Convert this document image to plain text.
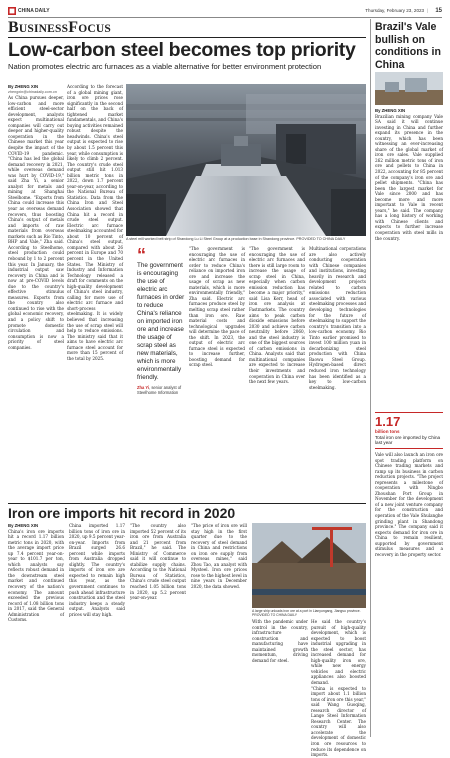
CHINA DAILY	Thursday, February 23, 2023 | 15
BUSINESSFOCUS
Low-carbon steel becomes top priority

Nation promotes electric arc furnaces as a viable alternative for better environment protection

By ZHENG XIN
zhengxin@chinadaily.com.cn

As China pursues deeper, low-carbon and more efficient steel-sector development, analysts expect multinational companies will carry out deeper and higher-quality cooperation in the Chinese market this year despite the impact of the COVID-19 pandemic. "China has led the global demand recovery in 2021, while overseas demand was hurt by COVID-19," said Zha Yi, a senior analyst for metals and mining at Shanghai Steelhome. "Exports from China could increase this year as overseas demand recovers, thus boosting China's output of metals and imports of raw materials from overseas markets such as Rio Tinto, BHP and Vale," Zha said. According to Steelhome, steel production could rebound by 1 to 2 percent this year. In January, the industrial output saw recovery in China and is now at pre-COVID levels due to the country's effective stimulus measures. Exports from the country also continued to rise with the global economic recovery, and a policy shift to promote domestic circulation and consumption is now a priority of steel companies.

According to the forecast of a global mining giant, iron ore prices rose significantly in the second half on the back of tightened market fundamentals, and China's buying activities remained robust despite the headwinds. China's steel output is expected to rise by about 1.5 percent this year, while consumption is likely to climb 2 percent. The country's crude steel output still hit 1.013 billion metric tons in 2022, down 1.7 percent year-on-year, according to the National Bureau of Statistics. Data from the China Iron and Steel Association showed that China hit a record in crude steel output. Electric arc furnace steelmaking accounted for about 10 percent of China's steel output, compared with about 26 percent in Europe and 70 percent in the United States. The Ministry of Industry and Information Technology released a draft for comments on the high-quality development of China's steel industry, calling for more use of electric arc furnace and short-process steelmaking. It is widely believed that increasing the use of scrap steel will help to reduce emissions. The ministry said that it aims to have electric arc furnace steel account for more than 15 percent of the total by 2025.

A steel mill worked belt strip of Shandong Lu Li Steel Group at a production base in Shandong province. PROVIDED TO CHINA DAILY
“
The government is encouraging the use of electric arc furnaces in order to reduce China's reliance on imported iron ore and increase the usage of scrap steel as new materials, which is more environmentally friendly.
Zha Yi, senior analyst of Steelhome Information

"The government is encouraging the use of electric arc furnaces in order to reduce China's reliance on imported iron ore and increase the usage of scrap as new materials, which is more environmentally friendly," Zha said. Electric arc furnaces produce steel by melting scrap steel rather than iron ore. Raw material costs and technological upgrades will determine the pace of the shift. In 2023, the output of electric arc furnace steel is expected to increase further, boosting demand for scrap steel.

"The government is encouraging the use of electric arc furnaces and there is still large room to increase the usage of scrap steel in China, especially when carbon emission reduction has become a major priority," said Lisa Kerr, head of iron ore analysis at Fastmarkets. The country aims to peak carbon dioxide emissions before 2030 and achieve carbon neutrality before 2060, and the steel industry is one of the biggest sources of carbon emissions in China. Analysts said that multinational companies are expected to increase their investments and cooperation in China over the next few years.

Multinational corporations are also actively conducting cooperation with Chinese companies and institutions, investing heavily in research and development projects related to carbon emissions reduction associated with various steelmaking processes and developing technologies for the future of steelmaking to support the country's transition into a low-carbon economy. Rio Tinto earlier promised to invest 100 million yuan in decarbonizing steel production with China Baowu Steel Group. Hydrogen-based direct reduced iron technology has been identified as a key to low-carbon steelmaking.

Brazil's Vale bullish on conditions in China
By ZHENG XIN

Brazilian mining company Vale SA said it will continue investing in China and further expand its presence in the country, which has been witnessing an ever-increasing share of the global market of iron ore sales. Vale supplied 262 million metric tons of iron ore and pellets to China in 2022, accounting for 85 percent of the company's iron ore and pellet shipments. "China has been the largest market for Vale since 2000 and has become more and more important to Vale in recent years," he said. The company has a long history of working with Chinese clients and expects to further increase cooperation with steel mills in the country.

1.17
billion tons
Total iron ore imported by China last year

Vale will also launch an iron ore spot trading platform on Chinese trading markets and ramp up its business in carbon reduction projects. "The project represents a milestone of cooperation with Ningbo Zhoushan Port Group in November for the development of a new joint venture company for the construction and operation of the Vale Shulanghe grinding plant in Shandong province." The company said it expects demand for iron ore in China to remain resilient, supported by government stimulus measures and a recovery in the property sector.

Iron ore imports hit record in 2020
By ZHENG XIN

China's iron ore imports hit a record 1.17 billion metric tons in 2020, with the average import price up 7.4 percent year-on-year to $101.7 per ton, which analysts say reflects robust demand in the downstream steel market and continued recovery of the nation's economy. The amount exceeded the previous record of 1.08 billion tons in 2017, said the General Administration of Customs.

China imported 1.17 billion tons of iron ore in 2020, up 9.5 percent year-on-year. Imports from Brazil surged 26.6 percent while imports from Australia dropped slightly. The country's imports of iron ore are expected to remain high this year, as the government continues to push ahead infrastructure construction and the steel industry keeps a steady output. Analysts said prices will stay high.

"The country also imported 52 percent of its iron ore from Australia and 21 percent from Brazil," he said. The Ministry of Commerce said it will continue to stabilize supply chains. According to the National Bureau of Statistics, China's crude steel output reached 1.05 billion tons in 2020, up 5.2 percent year-on-year.

"The price of iron ore will stay high in the first quarter due to the recovery of steel demand in China and restrictions on iron ore supply from overseas mines," said Zhou Tao, an analyst with Mysteel. Iron ore prices rose to the highest level in nine years in December 2020, the data showed.

A large ship unloads iron ore at a port in Lianyungang, Jiangsu province. PROVIDED TO CHINA DAILY

With the pandemic under control in the country, infrastructure construction and manufacturing have maintained growth momentum, driving demand for steel.

He said the country's pursuit of high-quality development, which is expected to boost industrial upgrading in the steel sector, has increased demand for high-quality iron ore, while new energy vehicles and electric appliances also boosted demand.

"China is expected to import about 1.1 billion tons of iron ore this year," said Wang Guoqing, research director of Lange Steel Information Research Center. The country will also accelerate the development of domestic iron ore resources to reduce its dependence on imports.
